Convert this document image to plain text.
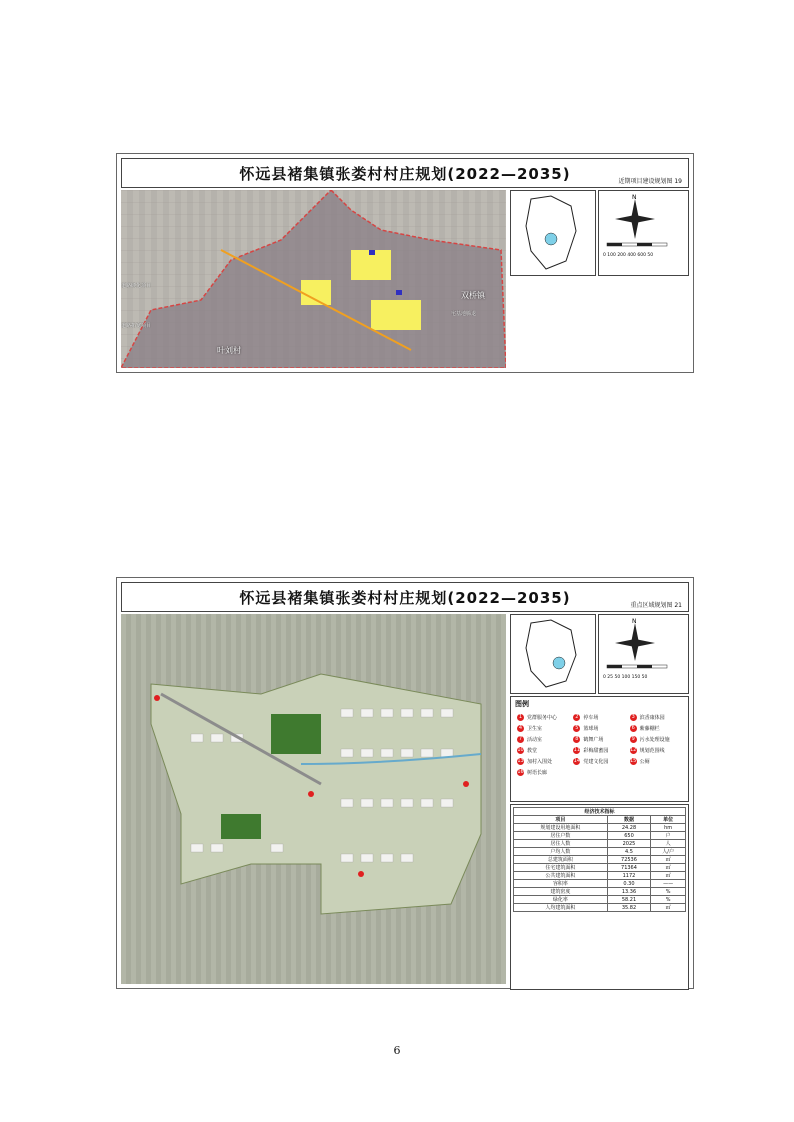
怀远县褚集镇张娄村村庄规划(2022—2035)	近期项目建设规划图 19
双桥镇
叶刘村
道路硬化项目
道路拓宽项目
宅基地腾退
N
0 100 200 400 600 50
怀远县褚集镇张娄村村庄规划(2022—2035)	重点区域规划图 21
N
0 25 50 100 150 50
图例
1 党群服务中心	2 停车场	3 滨香康体园
4 卫生室	5 篮球场	6 紫藤棚栏
7 活动室	8 鹤舞广场	9 污水处理设施
10 教堂	11 彩梅甜蜜园	12 规划范围线
13 加村入围处	14 党建文化园	15 公厕
16 树语长廊
经济技术指标		
项目	数据	单位
规划建设用地面积	24.28	hm
居住户数	650	户
居住人数	2025	人
户均人数	4.5	人/户
总建筑面积	72536	㎡
住宅建筑面积	71364	㎡
公共建筑面积	1172	㎡
容积率	0.30	——
建筑密度	13.36	%
绿化率	58.21	%
人均建筑面积	35.82	㎡
6
